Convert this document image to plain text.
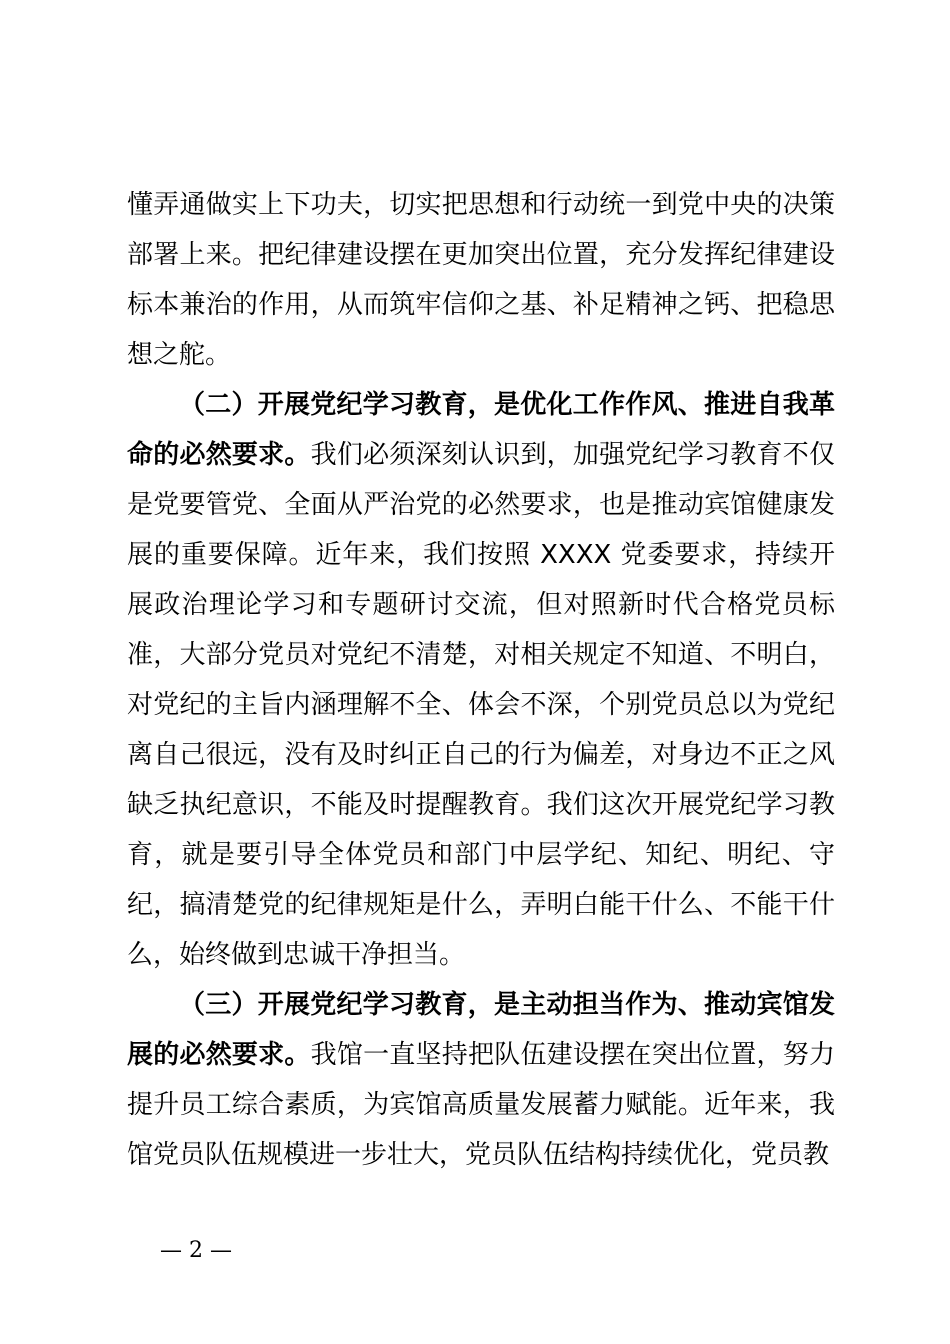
懂弄通做实上下功夫，切实把思想和行动统一到党中央的决策部署上来。把纪律建设摆在更加突出位置，充分发挥纪律建设标本兼治的作用，从而筑牢信仰之基、补足精神之钙、把稳思想之舵。

（二）开展党纪学习教育，是优化工作作风、推进自我革命的必然要求。我们必须深刻认识到，加强党纪学习教育不仅是党要管党、全面从严治党的必然要求，也是推动宾馆健康发展的重要保障。近年来，我们按照 XXXX 党委要求，持续开展政治理论学习和专题研讨交流，但对照新时代合格党员标准，大部分党员对党纪不清楚，对相关规定不知道、不明白，对党纪的主旨内涵理解不全、体会不深，个别党员总以为党纪离自己很远，没有及时纠正自己的行为偏差，对身边不正之风缺乏执纪意识，不能及时提醒教育。我们这次开展党纪学习教育，就是要引导全体党员和部门中层学纪、知纪、明纪、守纪，搞清楚党的纪律规矩是什么，弄明白能干什么、不能干什么，始终做到忠诚干净担当。

（三）开展党纪学习教育，是主动担当作为、推动宾馆发展的必然要求。我馆一直坚持把队伍建设摆在突出位置，努力提升员工综合素质，为宾馆高质量发展蓄力赋能。近年来，我馆党员队伍规模进一步壮大，党员队伍结构持续优化，党员教

— 2 —
